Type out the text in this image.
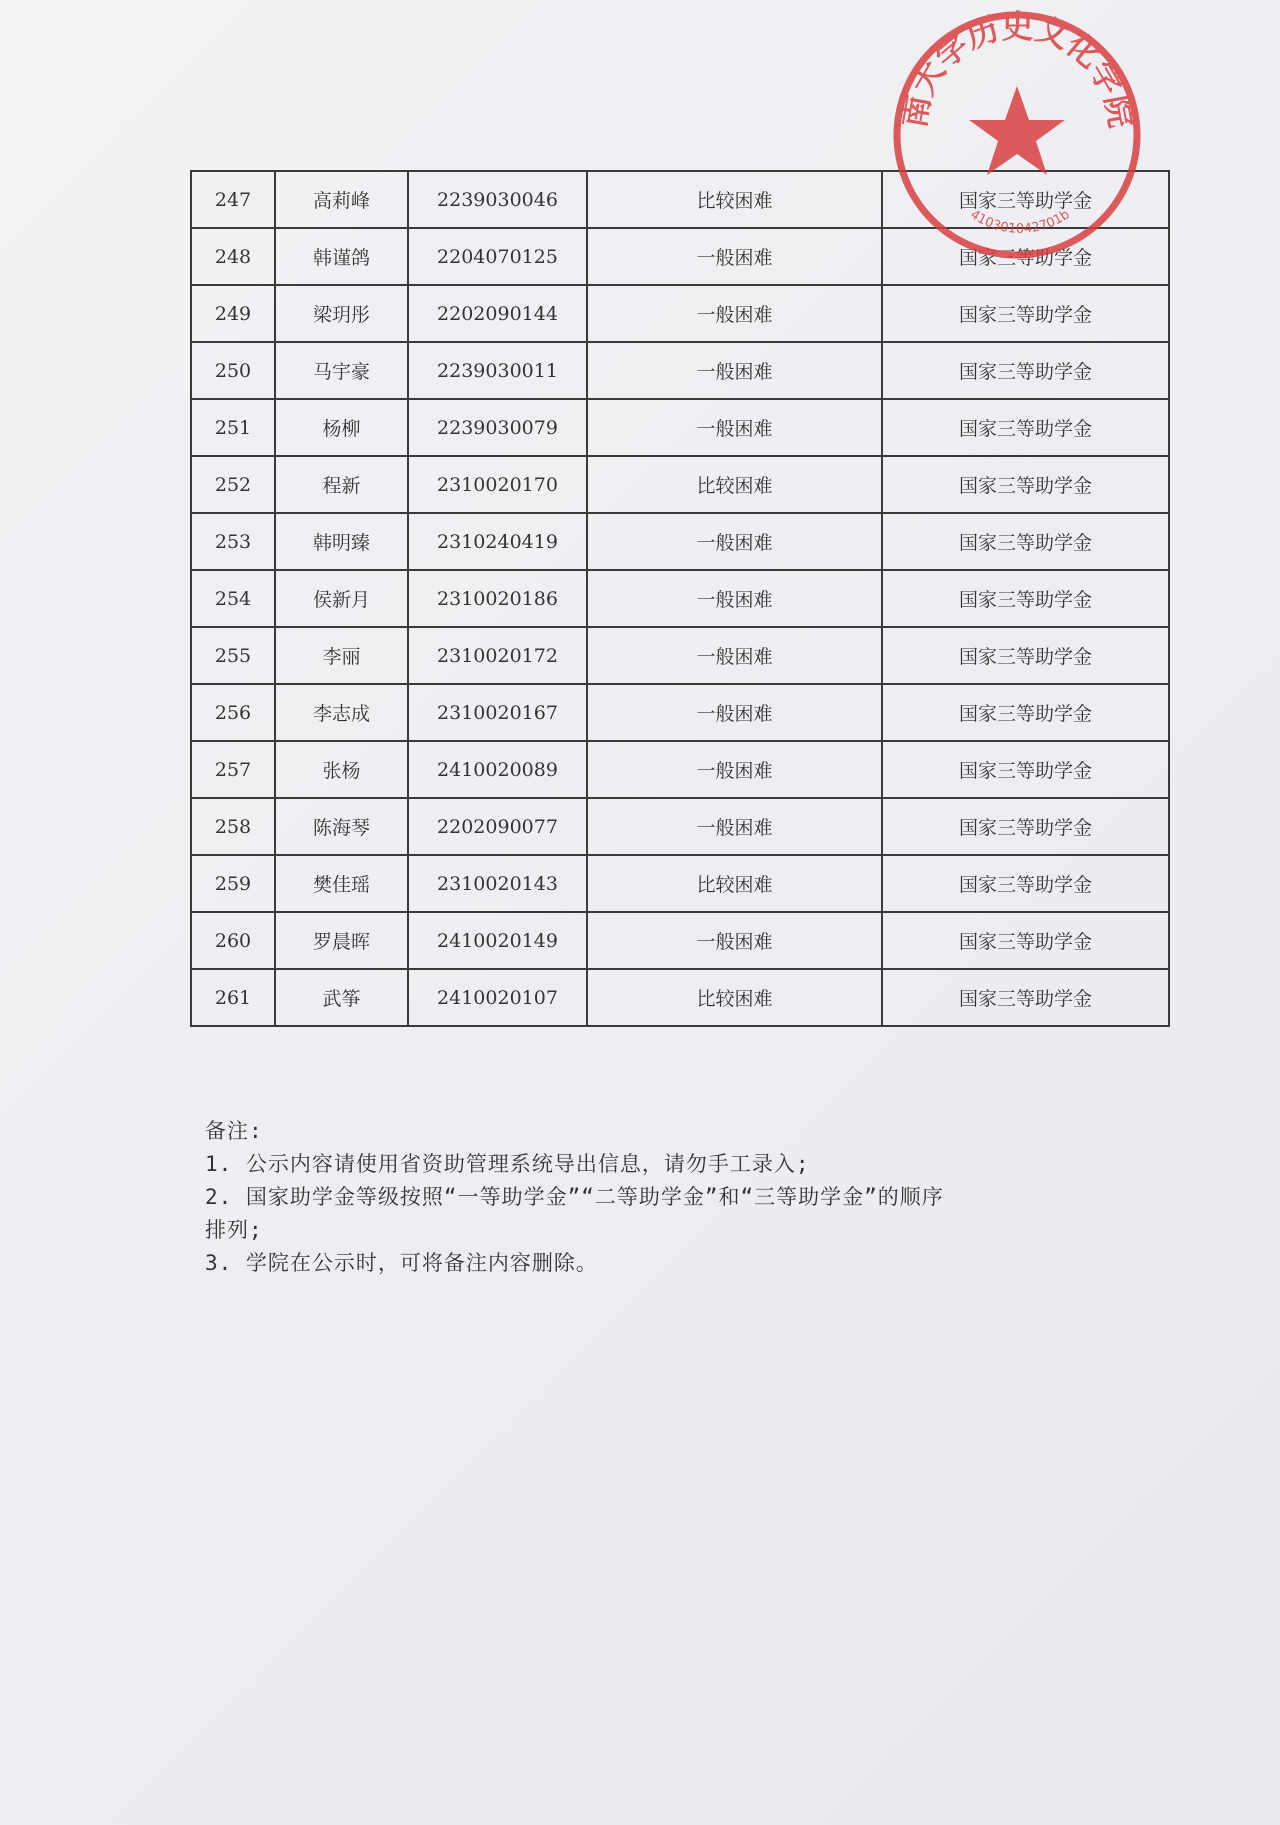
247	高莉峰	2239030046	比较困难	国家三等助学金
248	韩谨鸽	2204070125	一般困难	国家三等助学金
249	梁玥彤	2202090144	一般困难	国家三等助学金
250	马宇豪	2239030011	一般困难	国家三等助学金
251	杨柳	2239030079	一般困难	国家三等助学金
252	程新	2310020170	比较困难	国家三等助学金
253	韩明臻	2310240419	一般困难	国家三等助学金
254	侯新月	2310020186	一般困难	国家三等助学金
255	李丽	2310020172	一般困难	国家三等助学金
256	李志成	2310020167	一般困难	国家三等助学金
257	张杨	2410020089	一般困难	国家三等助学金
258	陈海琴	2202090077	一般困难	国家三等助学金
259	樊佳瑶	2310020143	比较困难	国家三等助学金
260	罗晨晖	2410020149	一般困难	国家三等助学金
261	武筝	2410020107	比较困难	国家三等助学金
备注:
1. 公示内容请使用省资助管理系统导出信息，请勿手工录入;
2. 国家助学金等级按照“一等助学金”“二等助学金”和“三等助学金”的顺序
排列;
3. 学院在公示时，可将备注内容删除。
南大学历史文化学院
410301042701b
